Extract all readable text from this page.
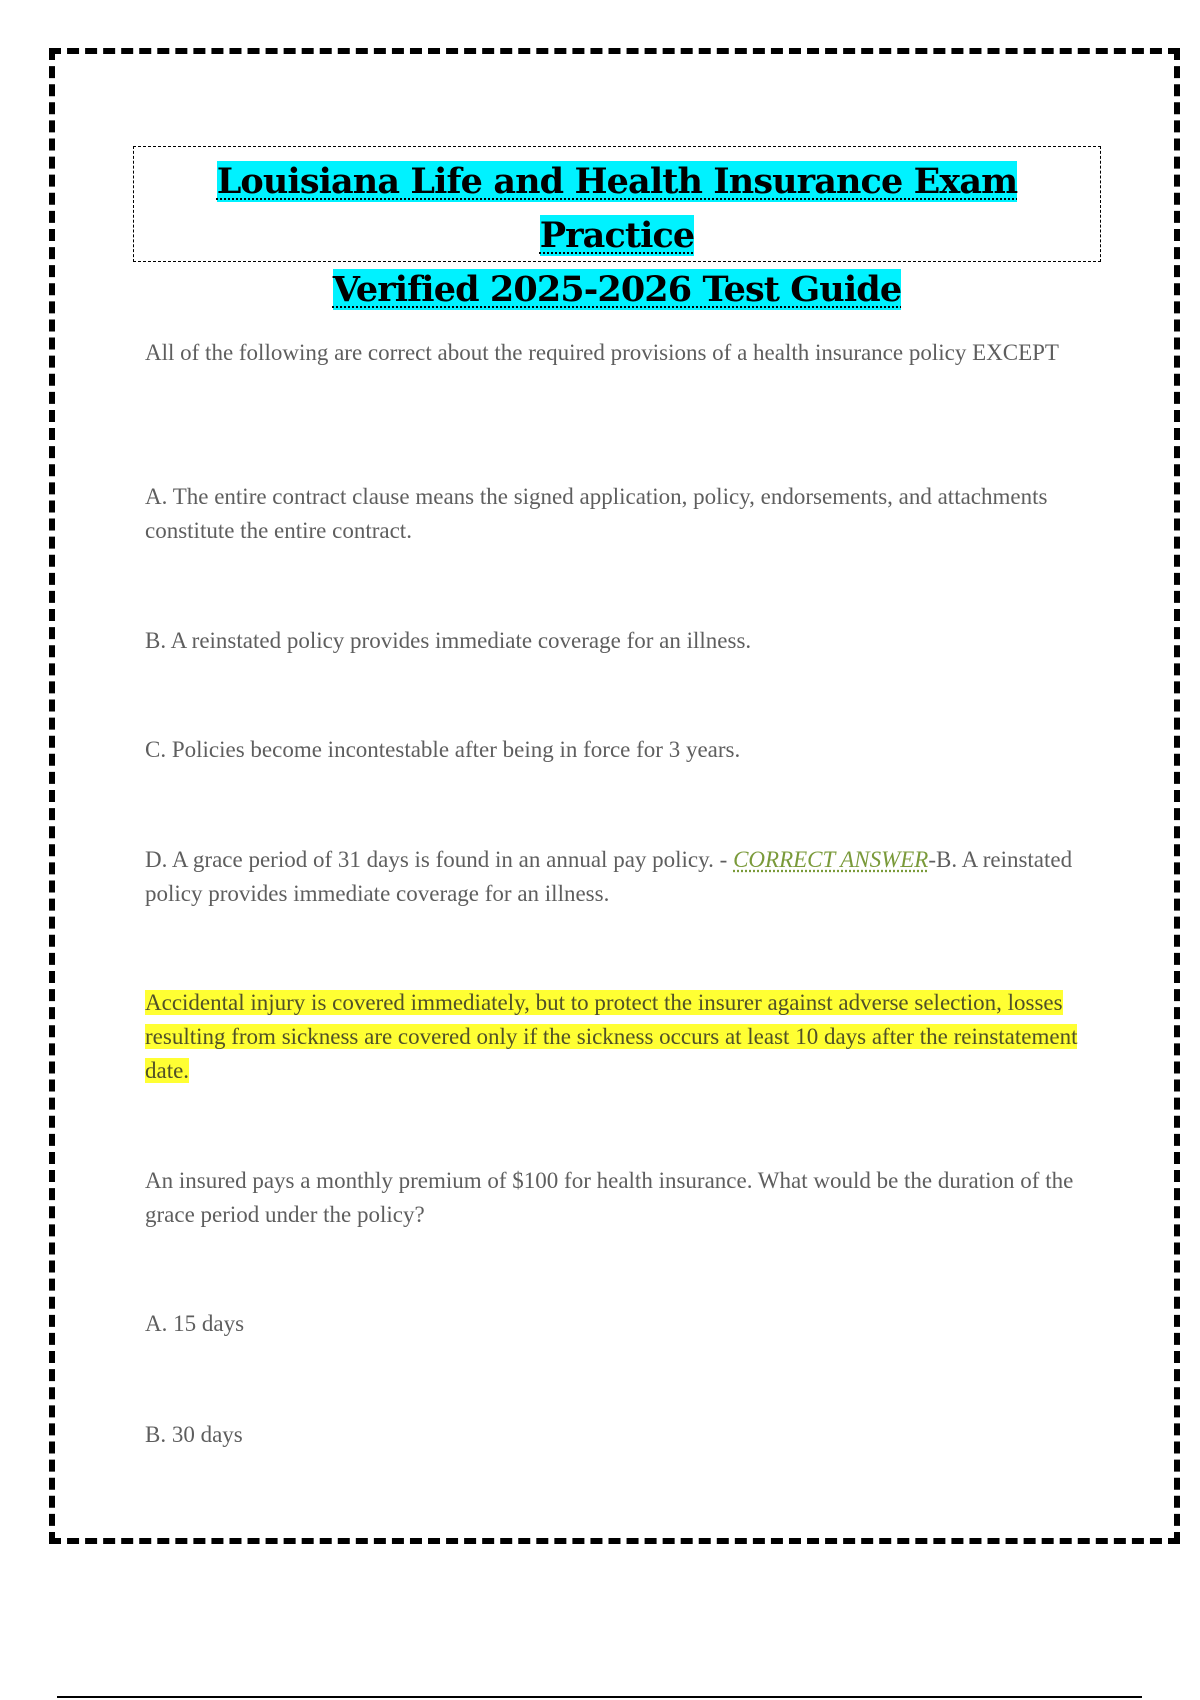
Louisiana Life and Health Insurance Exam Practice
Verified 2025-2026 Test Guide
All of the following are correct about the required provisions of a health insurance policy EXCEPT
A. The entire contract clause means the signed application, policy, endorsements, and attachments constitute the entire contract.
B. A reinstated policy provides immediate coverage for an illness.
C. Policies become incontestable after being in force for 3 years.
D. A grace period of 31 days is found in an annual pay policy. - CORRECT ANSWER-B. A reinstated policy provides immediate coverage for an illness.
Accidental injury is covered immediately, but to protect the insurer against adverse selection, losses resulting from sickness are covered only if the sickness occurs at least 10 days after the reinstatement date.
An insured pays a monthly premium of $100 for health insurance. What would be the duration of the grace period under the policy?
A. 15 days
B. 30 days
